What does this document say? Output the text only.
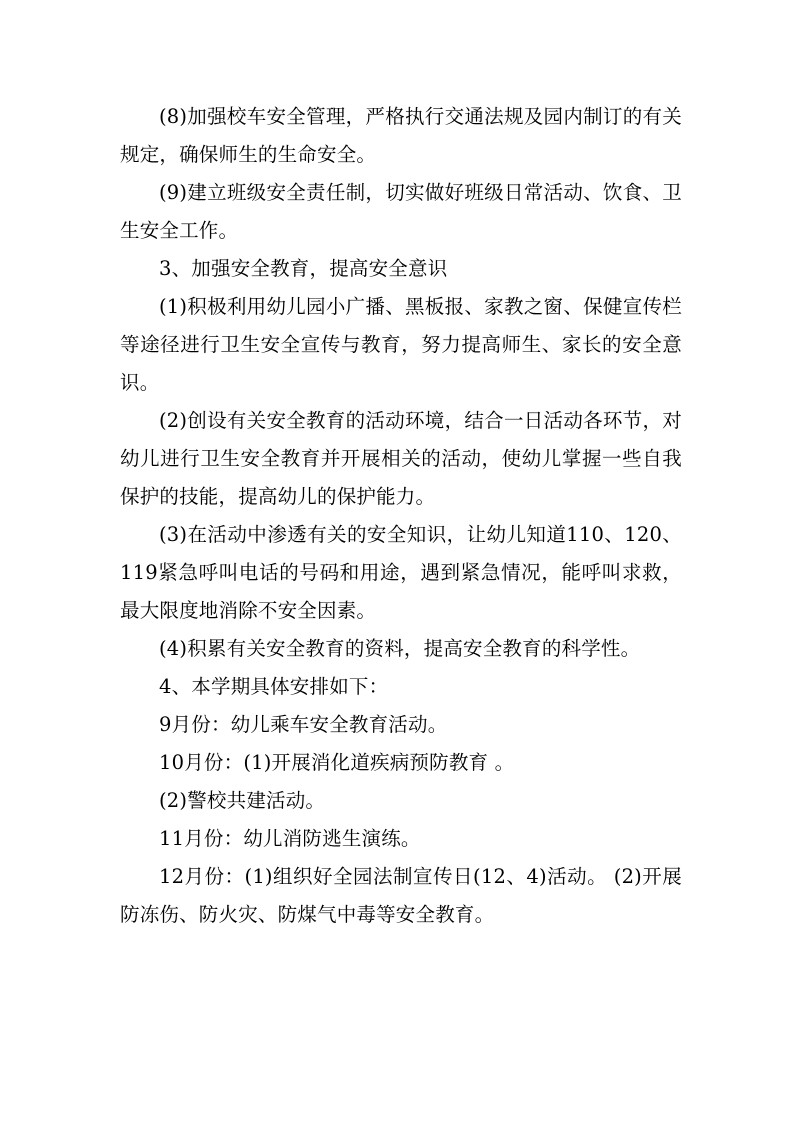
(8)加强校车安全管理，严格执行交通法规及园内制订的有关规定，确保师生的生命安全。

(9)建立班级安全责任制，切实做好班级日常活动、饮食、卫生安全工作。

3、加强安全教育，提高安全意识

(1)积极利用幼儿园小广播、黑板报、家教之窗、保健宣传栏等途径进行卫生安全宣传与教育，努力提高师生、家长的安全意识。

(2)创设有关安全教育的活动环境，结合一日活动各环节，对幼儿进行卫生安全教育并开展相关的活动，使幼儿掌握一些自我保护的技能，提高幼儿的保护能力。

(3)在活动中渗透有关的安全知识，让幼儿知道110、120、119紧急呼叫电话的号码和用途，遇到紧急情况，能呼叫求救，最大限度地消除不安全因素。

(4)积累有关安全教育的资料，提高安全教育的科学性。

4、本学期具体安排如下：

9月份：幼儿乘车安全教育活动。

10月份：(1)开展消化道疾病预防教育 。

(2)警校共建活动。

11月份：幼儿消防逃生演练。

12月份：(1)组织好全园法制宣传日(12、4)活动。 (2)开展防冻伤、防火灾、防煤气中毒等安全教育。
